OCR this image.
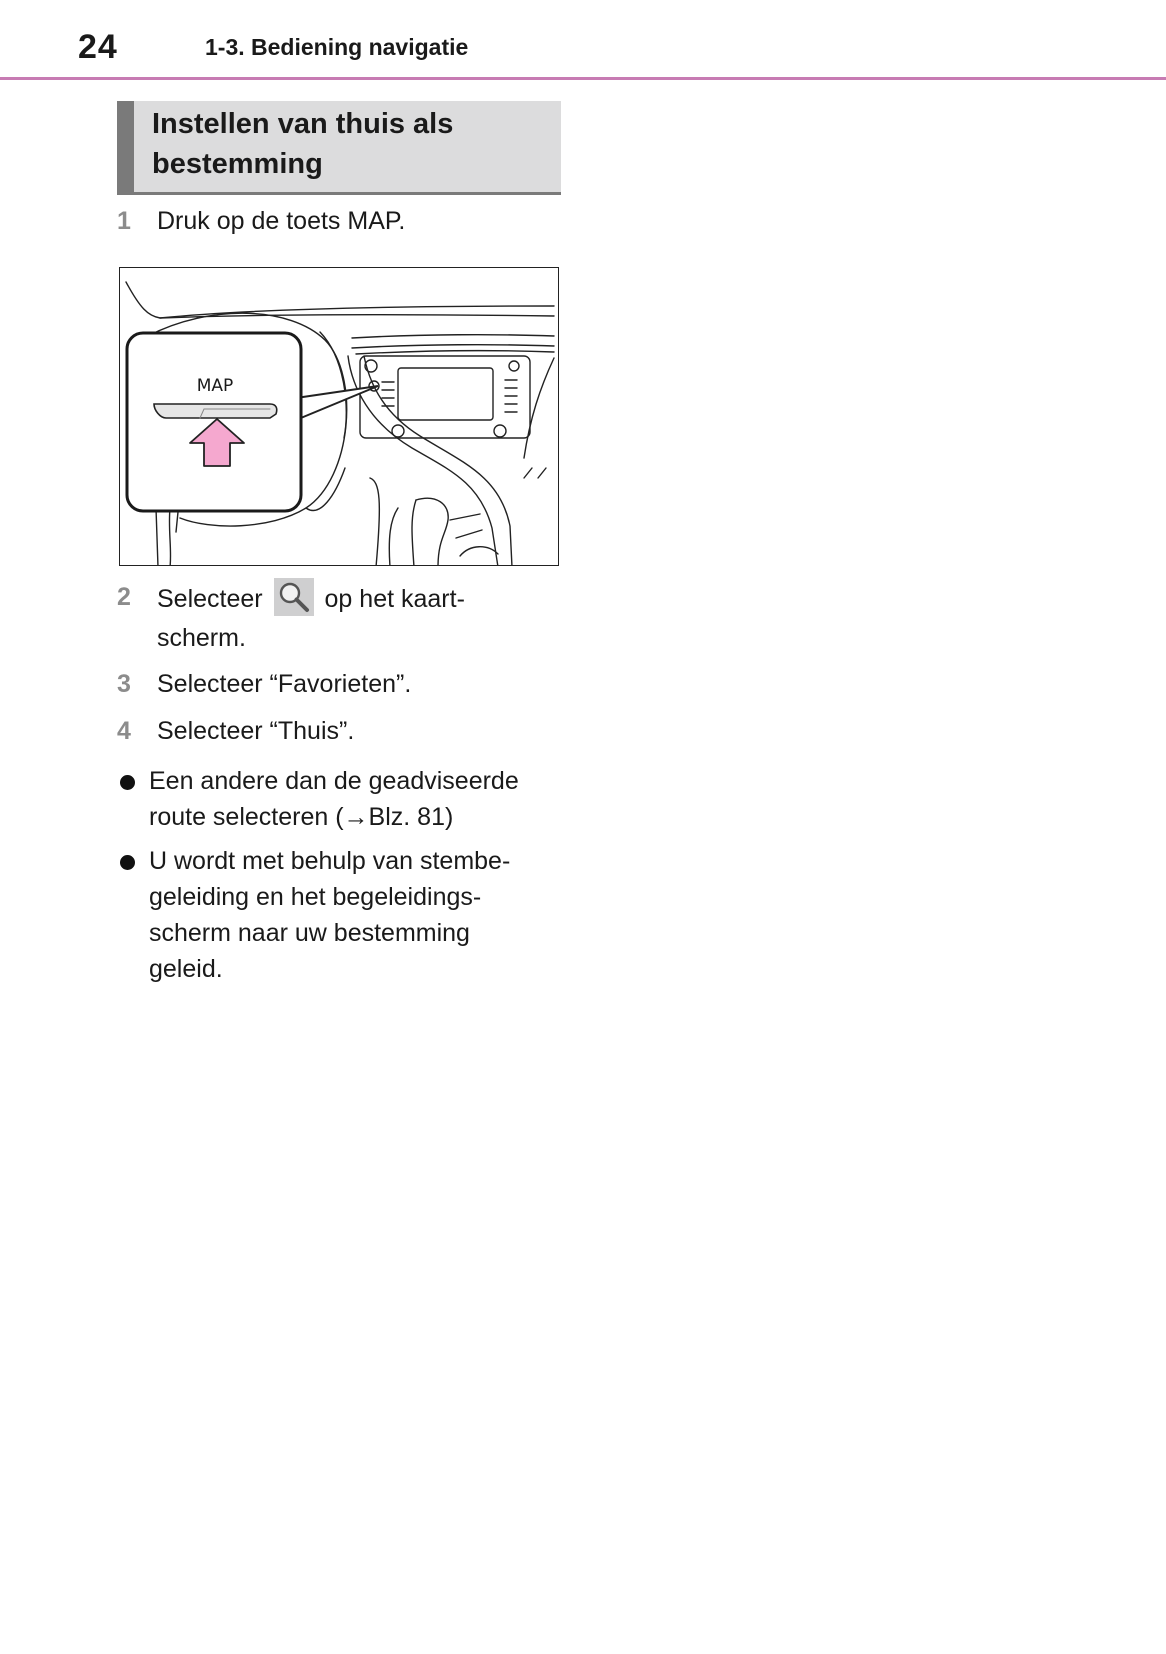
24	1-3. Bediening navigatie
Instellen van thuis als
bestemming
1	Druk op de toets MAP.
MAP
2	Selecteer op het kaart-
scherm.
3	Selecteer “Favorieten”.
4	Selecteer “Thuis”.
Een andere dan de geadviseerde
route selecteren (→Blz. 81)
U wordt met behulp van stembe-
geleiding en het begeleidings-
scherm naar uw bestemming
geleid.
